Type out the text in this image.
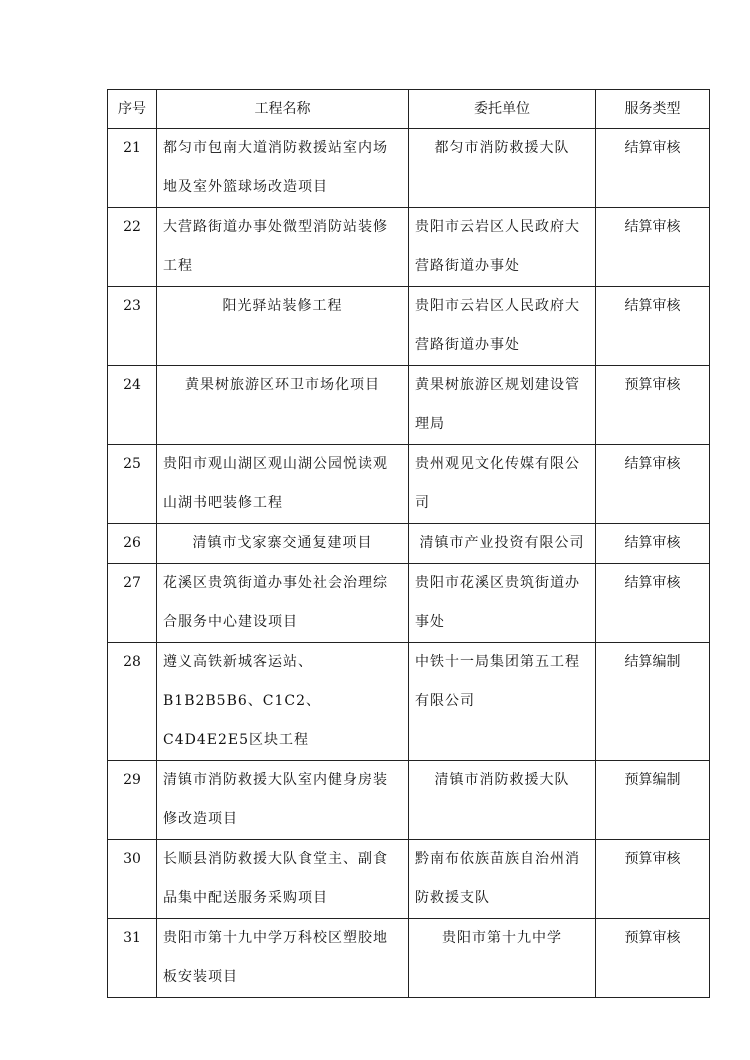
序号	工程名称	委托单位	服务类型
21	都匀市包南大道消防救援站室内场地及室外篮球场改造项目	都匀市消防救援大队	结算审核
22	大营路街道办事处微型消防站装修工程	贵阳市云岩区人民政府大营路街道办事处	结算审核
23	阳光驿站装修工程	贵阳市云岩区人民政府大营路街道办事处	结算审核
24	黄果树旅游区环卫市场化项目	黄果树旅游区规划建设管理局	预算审核
25	贵阳市观山湖区观山湖公园悦读观山湖书吧装修工程	贵州观见文化传媒有限公司	结算审核
26	清镇市戈家寨交通复建项目	清镇市产业投资有限公司	结算审核
27	花溪区贵筑街道办事处社会治理综合服务中心建设项目	贵阳市花溪区贵筑街道办事处	结算审核
28	遵义高铁新城客运站、B1B2B5B6、C1C2、C4D4E2E5区块工程	中铁十一局集团第五工程有限公司	结算编制
29	清镇市消防救援大队室内健身房装修改造项目	清镇市消防救援大队	预算编制
30	长顺县消防救援大队食堂主、副食品集中配送服务采购项目	黔南布依族苗族自治州消防救援支队	预算审核
31	贵阳市第十九中学万科校区塑胶地板安装项目	贵阳市第十九中学	预算审核
